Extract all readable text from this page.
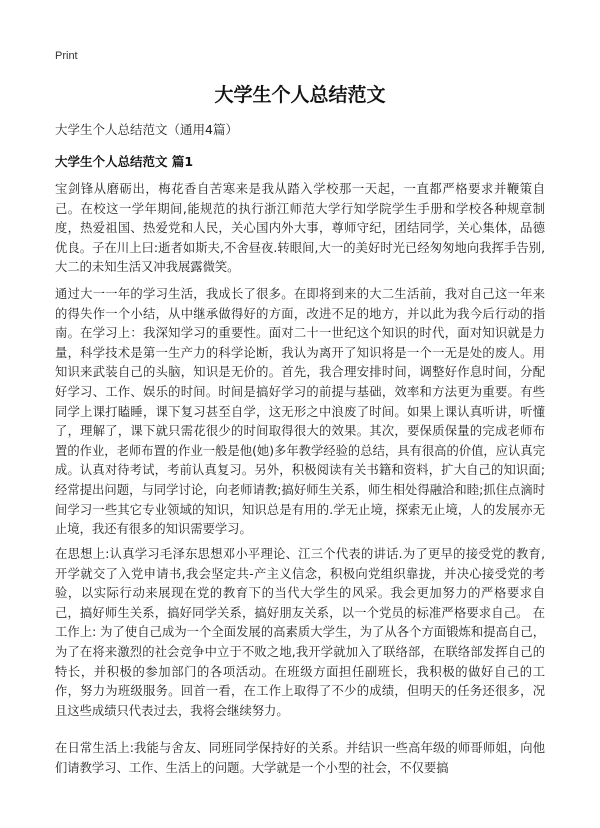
Print
大学生个人总结范文
大学生个人总结范文（通用4篇）
大学生个人总结范文 篇1
宝剑锋从磨砺出，梅花香自苦寒来是我从踏入学校那一天起，一直都严格要求并鞭策自己。在校这一学年期间,能规范的执行浙江师范大学行知学院学生手册和学校各种规章制度，热爱祖国、热爱党和人民，关心国内外大事，尊师守纪，团结同学，关心集体，品德优良。子在川上曰:逝者如斯夫,不舍昼夜.转眼间,大一的美好时光已经匆匆地向我挥手告别,大二的未知生活又冲我展露微笑。
通过大一一年的学习生活，我成长了很多。在即将到来的大二生活前，我对自己这一年来的得失作一个小结，从中继承做得好的方面，改进不足的地方，并以此为我今后行动的指南。在学习上：我深知学习的重要性。面对二十一世纪这个知识的时代，面对知识就是力量，科学技术是第一生产力的科学论断，我认为离开了知识将是一个一无是处的废人。用知识来武装自己的头脑，知识是无价的。首先，我合理安排时间，调整好作息时间，分配好学习、工作、娱乐的时间。时间是搞好学习的前提与基础，效率和方法更为重要。有些同学上课打瞌睡，课下复习甚至自学，这无形之中浪废了时间。如果上课认真听讲，听懂了，理解了，课下就只需花很少的时间取得很大的效果。其次，要保质保量的完成老师布置的作业，老师布置的作业一般是他(她)多年教学经验的总结，具有很高的价值，应认真完成。认真对待考试，考前认真复习。另外，积极阅读有关书籍和资料，扩大自己的知识面;经常提出问题，与同学讨论，向老师请教;搞好师生关系，师生相处得融洽和睦;抓住点滴时间学习一些其它专业领域的知识，知识总是有用的.学无止境，探索无止境，人的发展亦无止境，我还有很多的知识需要学习。
在思想上:认真学习毛泽东思想邓小平理论、江三个代表的讲话.为了更早的接受党的教育,开学就交了入党申请书,我会坚定共-产主义信念，积极向党组织靠拢，并决心接受党的考验，以实际行动来展现在党的教育下的当代大学生的风采。我会更加努力的严格要求自己，搞好师生关系，搞好同学关系，搞好朋友关系，以一个党员的标准严格要求自己。 在工作上: 为了使自己成为一个全面发展的高素质大学生，为了从各个方面锻炼和提高自己，为了在将来激烈的社会竞争中立于不败之地,我开学就加入了联络部，在联络部发挥自己的特长，并积极的参加部门的各项活动。在班级方面担任副班长，我积极的做好自己的工作，努力为班级服务。回首一看，在工作上取得了不少的成绩，但明天的任务还很多，况且这些成绩只代表过去，我将会继续努力。
在日常生活上:我能与舍友、同班同学保持好的关系。并结识一些高年级的师哥师姐，向他们请教学习、工作、生活上的问题。大学就是一个小型的社会，不仅要搞
